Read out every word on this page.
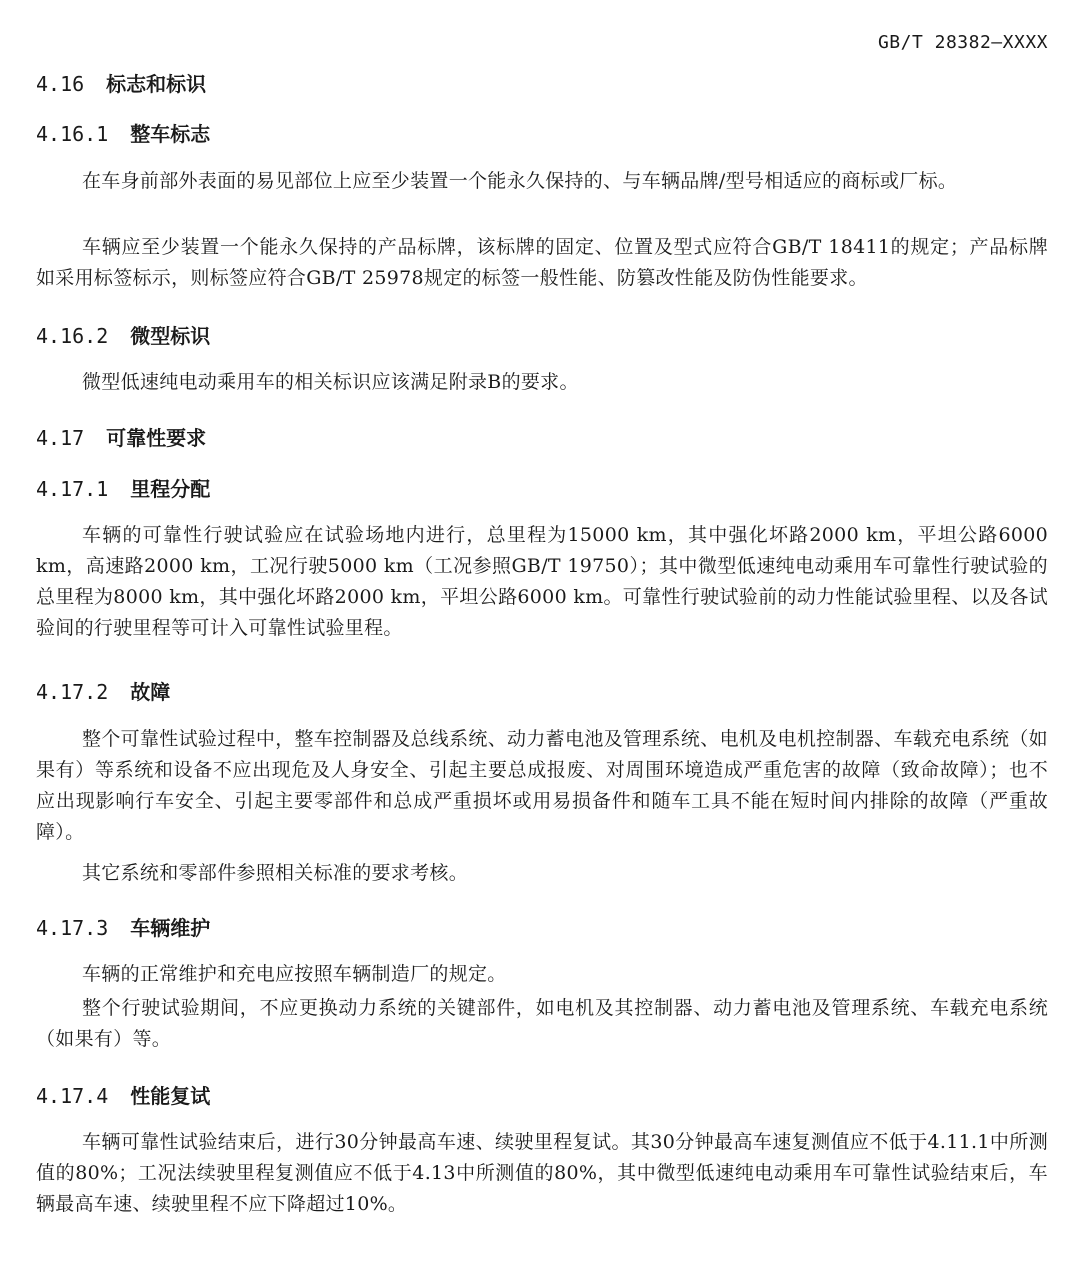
GB/T 28382—XXXX
4.16 标志和标识
4.16.1 整车标志

在车身前部外表面的易见部位上应至少装置一个能永久保持的、与车辆品牌/型号相适应的商标或厂标。

车辆应至少装置一个能永久保持的产品标牌，该标牌的固定、位置及型式应符合GB/T 18411的规定；产品标牌如采用标签标示，则标签应符合GB/T 25978规定的标签一般性能、防篡改性能及防伪性能要求。

4.16.2 微型标识

微型低速纯电动乘用车的相关标识应该满足附录B的要求。

4.17 可靠性要求
4.17.1 里程分配

车辆的可靠性行驶试验应在试验场地内进行，总里程为15000 km，其中强化坏路2000 km，平坦公路6000 km，高速路2000 km，工况行驶5000 km（工况参照GB/T 19750）；其中微型低速纯电动乘用车可靠性行驶试验的总里程为8000 km，其中强化坏路2000 km，平坦公路6000 km。可靠性行驶试验前的动力性能试验里程、以及各试验间的行驶里程等可计入可靠性试验里程。

4.17.2 故障

整个可靠性试验过程中，整车控制器及总线系统、动力蓄电池及管理系统、电机及电机控制器、车载充电系统（如果有）等系统和设备不应出现危及人身安全、引起主要总成报废、对周围环境造成严重危害的故障（致命故障）；也不应出现影响行车安全、引起主要零部件和总成严重损坏或用易损备件和随车工具不能在短时间内排除的故障（严重故障）。

其它系统和零部件参照相关标准的要求考核。

4.17.3 车辆维护

车辆的正常维护和充电应按照车辆制造厂的规定。

整个行驶试验期间，不应更换动力系统的关键部件，如电机及其控制器、动力蓄电池及管理系统、车载充电系统（如果有）等。

4.17.4 性能复试

车辆可靠性试验结束后，进行30分钟最高车速、续驶里程复试。其30分钟最高车速复测值应不低于4.11.1中所测值的80%；工况法续驶里程复测值应不低于4.13中所测值的80%，其中微型低速纯电动乘用车可靠性试验结束后，车辆最高车速、续驶里程不应下降超过10%。
